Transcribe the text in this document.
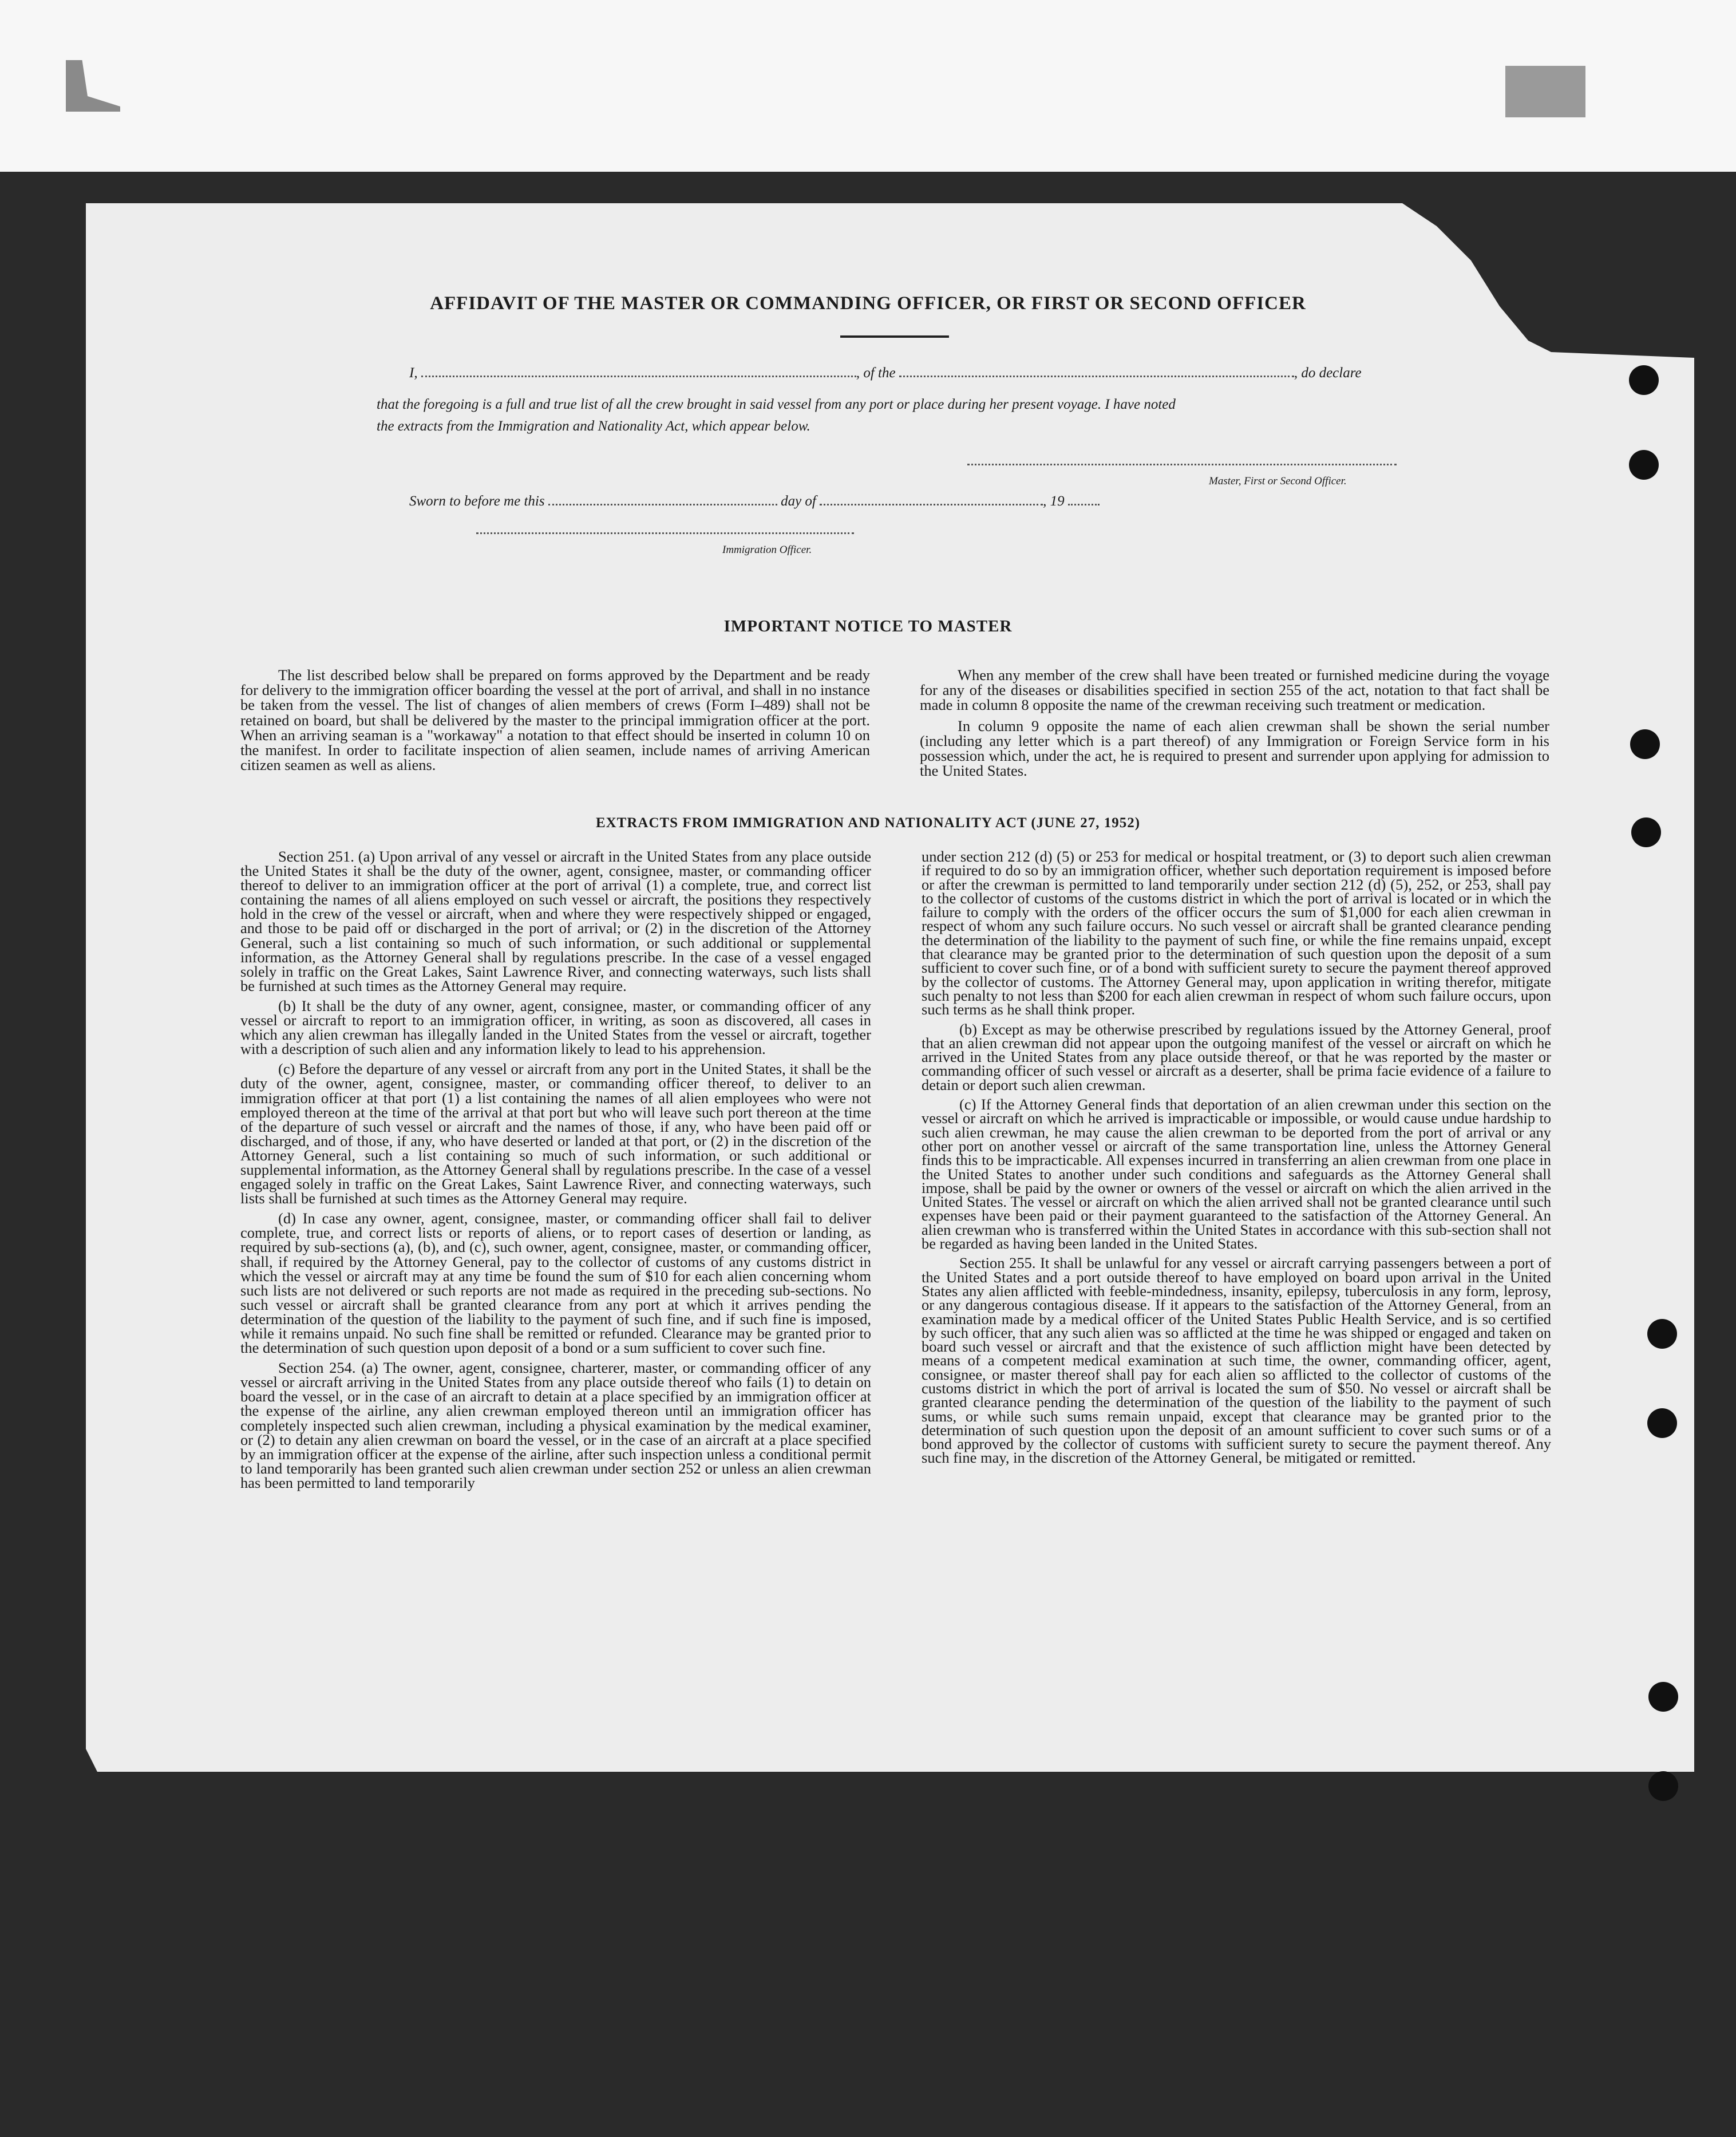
AFFIDAVIT OF THE MASTER OR COMMANDING OFFICER, OR FIRST OR SECOND OFFICER
I,	, of the	, do declare
that the foregoing is a full and true list of all the crew brought in said vessel from any port or place during her present voyage. I have noted
the extracts from the Immigration and Nationality Act, which appear below.
Master, First or Second Officer.
Sworn to before me this	day of	, 19
Immigration Officer.
IMPORTANT NOTICE TO MASTER

The list described below shall be prepared on forms approved by the Department and be ready for delivery to the immigration officer boarding the vessel at the port of arrival, and shall in no instance be taken from the vessel. The list of changes of alien members of crews (Form I–489) shall not be retained on board, but shall be delivered by the master to the principal immigration officer at the port. When an arriving seaman is a "workaway" a notation to that effect should be inserted in column 10 on the manifest. In order to facilitate inspection of alien seamen, include names of arriving American citizen seamen as well as aliens.

When any member of the crew shall have been treated or furnished medicine during the voyage for any of the diseases or disabilities specified in section 255 of the act, notation to that fact shall be made in column 8 opposite the name of the crewman receiving such treatment or medication.

In column 9 opposite the name of each alien crewman shall be shown the serial number (including any letter which is a part thereof) of any Immigration or Foreign Service form in his possession which, under the act, he is required to present and surrender upon applying for admission to the United States.

EXTRACTS FROM IMMIGRATION AND NATIONALITY ACT (JUNE 27, 1952)

Section 251. (a) Upon arrival of any vessel or aircraft in the United States from any place outside the United States it shall be the duty of the owner, agent, consignee, master, or commanding officer thereof to deliver to an immigration officer at the port of arrival (1) a complete, true, and correct list containing the names of all aliens employed on such vessel or aircraft, the positions they respectively hold in the crew of the vessel or aircraft, when and where they were respectively shipped or engaged, and those to be paid off or discharged in the port of arrival; or (2) in the discretion of the Attorney General, such a list containing so much of such information, or such additional or supplemental information, as the Attorney General shall by regulations prescribe. In the case of a vessel engaged solely in traffic on the Great Lakes, Saint Lawrence River, and connecting waterways, such lists shall be furnished at such times as the Attorney General may require.

(b) It shall be the duty of any owner, agent, consignee, master, or commanding officer of any vessel or aircraft to report to an immigration officer, in writing, as soon as discovered, all cases in which any alien crewman has illegally landed in the United States from the vessel or aircraft, together with a description of such alien and any information likely to lead to his apprehension.

(c) Before the departure of any vessel or aircraft from any port in the United States, it shall be the duty of the owner, agent, consignee, master, or commanding officer thereof, to deliver to an immigration officer at that port (1) a list containing the names of all alien employees who were not employed thereon at the time of the arrival at that port but who will leave such port thereon at the time of the departure of such vessel or aircraft and the names of those, if any, who have been paid off or discharged, and of those, if any, who have deserted or landed at that port, or (2) in the discretion of the Attorney General, such a list containing so much of such information, or such additional or supplemental information, as the Attorney General shall by regulations prescribe. In the case of a vessel engaged solely in traffic on the Great Lakes, Saint Lawrence River, and connecting waterways, such lists shall be furnished at such times as the Attorney General may require.

(d) In case any owner, agent, consignee, master, or commanding officer shall fail to deliver complete, true, and correct lists or reports of aliens, or to report cases of desertion or landing, as required by sub-sections (a), (b), and (c), such owner, agent, consignee, master, or commanding officer, shall, if required by the Attorney General, pay to the collector of customs of any customs district in which the vessel or aircraft may at any time be found the sum of $10 for each alien concerning whom such lists are not delivered or such reports are not made as required in the preceding sub-sections. No such vessel or aircraft shall be granted clearance from any port at which it arrives pending the determination of the question of the liability to the payment of such fine, and if such fine is imposed, while it remains unpaid. No such fine shall be remitted or refunded. Clearance may be granted prior to the determination of such question upon deposit of a bond or a sum sufficient to cover such fine.

Section 254. (a) The owner, agent, consignee, charterer, master, or commanding officer of any vessel or aircraft arriving in the United States from any place outside thereof who fails (1) to detain on board the vessel, or in the case of an aircraft to detain at a place specified by an immigration officer at the expense of the airline, any alien crewman employed thereon until an immigration officer has completely inspected such alien crewman, including a physical examination by the medical examiner, or (2) to detain any alien crewman on board the vessel, or in the case of an aircraft at a place specified by an immigration officer at the expense of the airline, after such inspection unless a conditional permit to land temporarily has been granted such alien crewman under section 252 or unless an alien crewman has been permitted to land temporarily

under section 212 (d) (5) or 253 for medical or hospital treatment, or (3) to deport such alien crewman if required to do so by an immigration officer, whether such deportation requirement is imposed before or after the crewman is permitted to land temporarily under section 212 (d) (5), 252, or 253, shall pay to the collector of customs of the customs district in which the port of arrival is located or in which the failure to comply with the orders of the officer occurs the sum of $1,000 for each alien crewman in respect of whom any such failure occurs. No such vessel or aircraft shall be granted clearance pending the determination of the liability to the payment of such fine, or while the fine remains unpaid, except that clearance may be granted prior to the determination of such question upon the deposit of a sum sufficient to cover such fine, or of a bond with sufficient surety to secure the payment thereof approved by the collector of customs. The Attorney General may, upon application in writing therefor, mitigate such penalty to not less than $200 for each alien crewman in respect of whom such failure occurs, upon such terms as he shall think proper.

(b) Except as may be otherwise prescribed by regulations issued by the Attorney General, proof that an alien crewman did not appear upon the outgoing manifest of the vessel or aircraft on which he arrived in the United States from any place outside thereof, or that he was reported by the master or commanding officer of such vessel or aircraft as a deserter, shall be prima facie evidence of a failure to detain or deport such alien crewman.

(c) If the Attorney General finds that deportation of an alien crewman under this section on the vessel or aircraft on which he arrived is impracticable or impossible, or would cause undue hardship to such alien crewman, he may cause the alien crewman to be deported from the port of arrival or any other port on another vessel or aircraft of the same transportation line, unless the Attorney General finds this to be impracticable. All expenses incurred in transferring an alien crewman from one place in the United States to another under such conditions and safeguards as the Attorney General shall impose, shall be paid by the owner or owners of the vessel or aircraft on which the alien arrived in the United States. The vessel or aircraft on which the alien arrived shall not be granted clearance until such expenses have been paid or their payment guaranteed to the satisfaction of the Attorney General. An alien crewman who is transferred within the United States in accordance with this sub-section shall not be regarded as having been landed in the United States.

Section 255. It shall be unlawful for any vessel or aircraft carrying passengers between a port of the United States and a port outside thereof to have employed on board upon arrival in the United States any alien afflicted with feeble-mindedness, insanity, epilepsy, tuberculosis in any form, leprosy, or any dangerous contagious disease. If it appears to the satisfaction of the Attorney General, from an examination made by a medical officer of the United States Public Health Service, and is so certified by such officer, that any such alien was so afflicted at the time he was shipped or engaged and taken on board such vessel or aircraft and that the existence of such affliction might have been detected by means of a competent medical examination at such time, the owner, commanding officer, agent, consignee, or master thereof shall pay for each alien so afflicted to the collector of customs of the customs district in which the port of arrival is located the sum of $50. No vessel or aircraft shall be granted clearance pending the determination of the question of the liability to the payment of such sums, or while such sums remain unpaid, except that clearance may be granted prior to the determination of such question upon the deposit of an amount sufficient to cover such sums or of a bond approved by the collector of customs with sufficient surety to secure the payment thereof. Any such fine may, in the discretion of the Attorney General, be mitigated or remitted.
